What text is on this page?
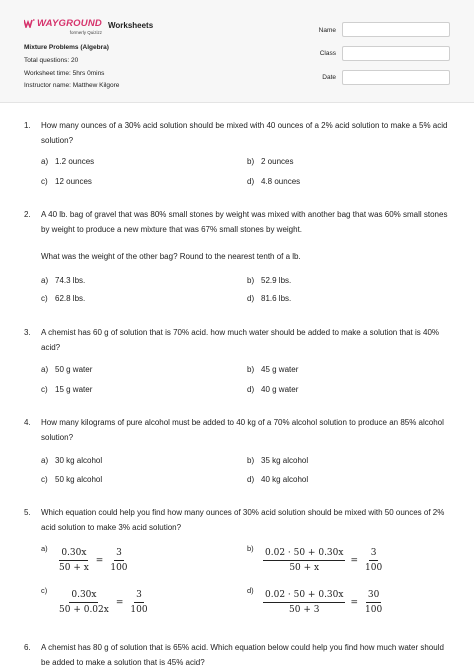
WAYGROUND
formerly Quizizz
Worksheets
Mixture Problems (Algebra)
Total questions: 20
Worksheet time: 5hrs 0mins
Instructor name: Matthew Kilgore
Name
Class
Date
1. How many ounces of a 30% acid solution should be mixed with 40 ounces of a 2% acid solution to make a 5% acid solution?

a) 1.2 ounces	b) 2 ounces
c) 12 ounces	d) 4.8 ounces
2. A 40 lb. bag of gravel that was 80% small stones by weight was mixed with another bag that was 60% small stones by weight to produce a new mixture that was 67% small stones by weight.

What was the weight of the other bag? Round to the nearest tenth of a lb.

a) 74.3 lbs.	b) 52.9 lbs.
c) 62.8 lbs.	d) 81.6 lbs.
3. A chemist has 60 g of solution that is 70% acid. how much water should be added to make a solution that is 40% acid?

a) 50 g water	b) 45 g water
c) 15 g water	d) 40 g water
4. How many kilograms of pure alcohol must be added to 40 kg of a 70% alcohol solution to produce an 85% alcohol solution?

a) 30 kg alcohol	b) 35 kg alcohol
c) 50 kg alcohol	d) 40 kg alcohol
5. Which equation could help you find how many ounces of 30% acid solution should be mixed with 50 ounces of 2% acid solution to make 3% acid solution?

$a) \frac{0.30x}{50 + x} = \frac{3}{100}$	$b) \frac{0.02 \cdot 50 + 0.30x}{50 + x} = \frac{3}{100}$
$c) \frac{0.30x}{50 + 0.02x} = \frac{3}{100}$	$d) \frac{0.02 \cdot 50 + 0.30x}{50 + 3} = \frac{30}{100}$
6. A chemist has 80 g of solution that is 65% acid. Which equation below could help you find how much water should be added to make a solution that is 45% acid?
